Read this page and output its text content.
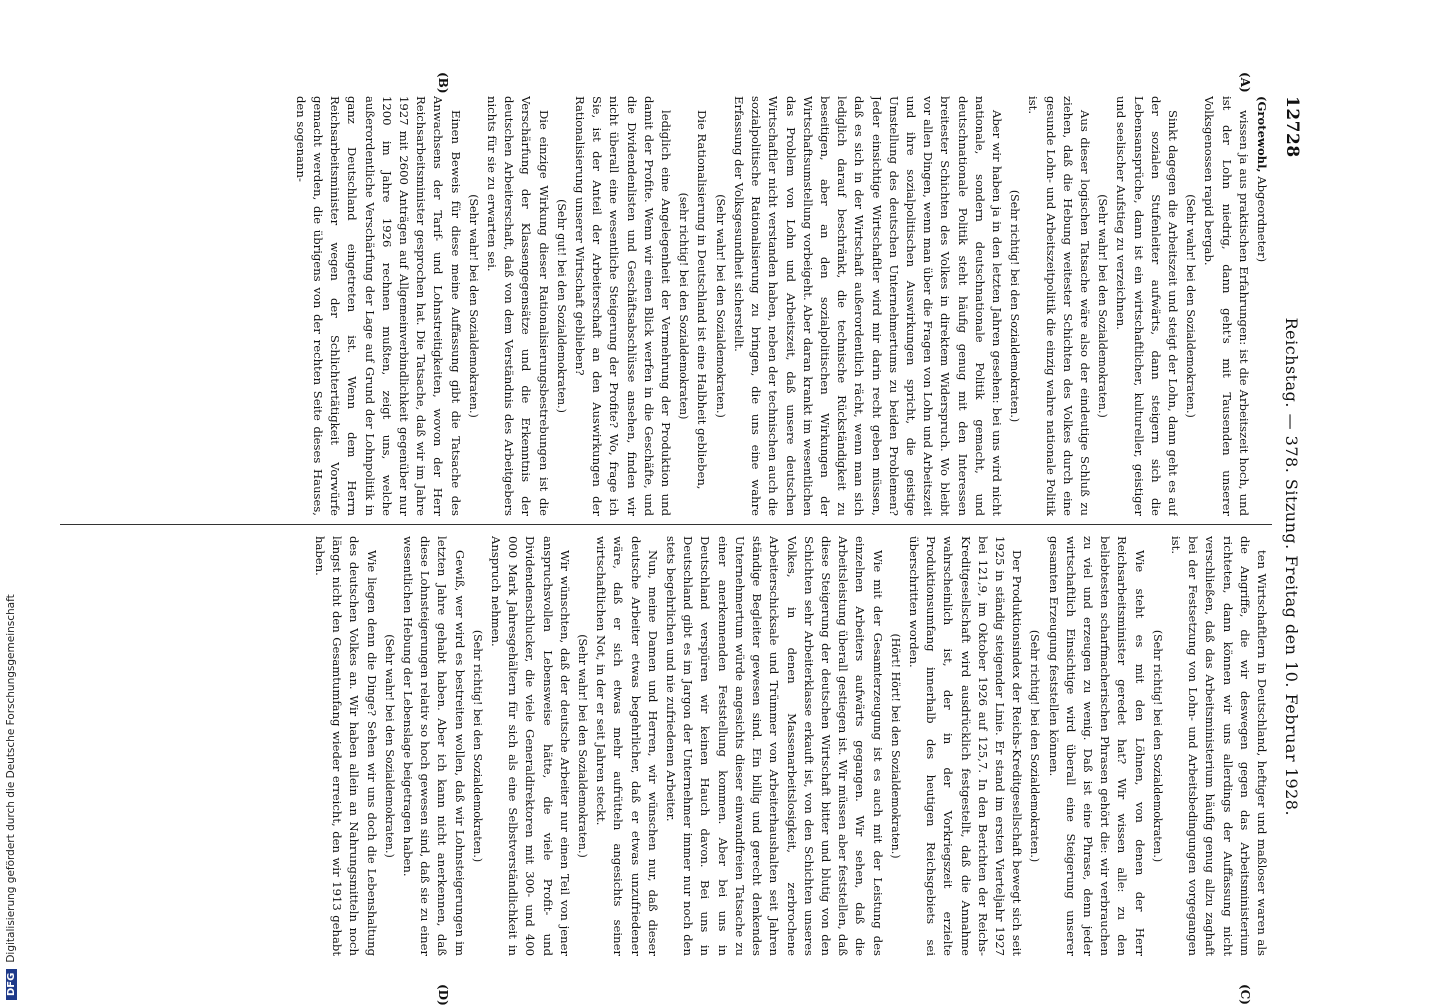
12728
Reichstag. — 378. Sitzung. Freitag den 10. Februar 1928.
(A)
(B)
(C)
(D)

(Grotewohl, Abgeordneter)

wissen ja aus praktischen Erfahrungen: ist die Arbeitszeit hoch, und ist der Lohn niedrig, dann geht's mit Tausenden unserer Volksgenossen rapid bergab.

(Sehr wahr! bei den Sozialdemokraten.)

Sinkt dagegen die Arbeitszeit und steigt der Lohn, dann geht es auf der sozialen Stufenleiter aufwärts, dann steigern sich die Lebensansprüche, dann ist ein wirtschaftlicher, kultureller, geistiger und seelischer Aufstieg zu verzeichnen.

(Sehr wahr! bei den Sozialdemokraten.)

Aus dieser logischen Tatsache wäre also der eindeutige Schluß zu ziehen, daß die Hebung weitester Schichten des Volkes durch eine gesunde Lohn- und Arbeitszeitpolitik die einzig wahre nationale Politik ist.

(Sehr richtig! bei den Sozialdemokraten.)

Aber wir haben ja in den letzten Jahren gesehen: bei uns wird nicht nationale, sondern deutschnationale Politik gemacht, und deutschnationale Politik steht häufig genug mit den Interessen breitester Schichten des Volkes in direktem Widerspruch. Wo bleibt vor allen Dingen, wenn man über die Fragen von Lohn und Arbeitszeit und ihre sozialpolitischen Auswirkungen spricht, die geistige Umstellung des deutschen Unternehmertums zu beiden Problemen? Jeder einsichtige Wirtschaftler wird mir darin recht geben müssen, daß es sich in der Wirtschaft außerordentlich rächt, wenn man sich lediglich darauf beschränkt, die technische Rückständigkeit zu beseitigen, aber an den sozialpolitischen Wirkungen der Wirtschaftsumstellung vorbeigeht. Aber daran krankt im wesentlichen das Problem von Lohn und Arbeitszeit, daß unsere deutschen Wirtschaftler nicht verstanden haben, neben der technischen auch die sozialpolitische Rationalisierung zu bringen, die uns eine wahre Erfassung der Volksgesundheit sicherstellt.

(Sehr wahr! bei den Sozialdemokraten.)

Die Rationalisierung in Deutschland ist eine Halbheit geblieben,

(sehr richtig! bei den Sozialdemokraten)

lediglich eine Angelegenheit der Vermehrung der Produktion und damit der Profite. Wenn wir einen Blick werfen in die Geschäfte, und die Dividendenlisten und Geschäftsabschlüsse ansehen, finden wir nicht überall eine wesentliche Steigerung der Profite? Wo, frage ich Sie, ist der Anteil der Arbeiterschaft an den Auswirkungen der Rationalisierung unserer Wirtschaft geblieben?

(Sehr gut! bei den Sozialdemokraten.)

Die einzige Wirkung dieser Rationalisierungsbestrebungen ist die Verschärfung der Klassengegensätze und die Erkenntnis der deutschen Arbeiterschaft, daß von dem Verständnis des Arbeitgebers nichts für sie zu erwarten sei.

(Sehr wahr! bei den Sozialdemokraten.)

Einen Beweis für diese meine Auffassung gibt die Tatsache des Anwachsens der Tarif- und Lohnstreitigkeiten, wovon der Herr Reichsarbeitsminister gesprochen hat. Die Tatsache, daß wir im Jahre 1927 mit 2600 Anträgen auf Allgemeinverbindlichkeit gegenüber nur 1200 im Jahre 1926 rechnen mußten, zeigt uns, welche außerordentliche Verschärfung der Lage auf Grund der Lohnpolitik in ganz Deutschland eingetreten ist. Wenn dem Herrn Reichsarbeitsminister wegen der Schlichtertätigkeit Vorwürfe gemacht werden, die übrigens von der rechten Seite dieses Hauses, den sogenann-

ten Wirtschaftlern in Deutschland, heftiger und maßloser waren als die Angriffe, die wir deswegen gegen das Arbeitsministerium richteten, dann können wir uns allerdings der Auffassung nicht verschließen, daß das Arbeitsministerium häufig genug allzu zaghaft bei der Festsetzung von Lohn- und Arbeitsbedingungen vorgegangen ist.

(Sehr richtig! bei den Sozialdemokraten.)

Wie steht es mit den Löhnen, von denen der Herr Reichsarbeitsminister geredet hat? Wir wissen alle: zu den beliebtesten scharfmacherischen Phrasen gehört die: wir verbrauchen zu viel und erzeugen zu wenig. Daß ist eine Phrase, denn jeder wirtschaftlich Einsichtige wird überall eine Steigerung unserer gesamten Erzeugung feststellen können.

(Sehr richtig! bei den Sozialdemokraten.)

Der Produktionsindex der Reichs-Kreditgesellschaft bewegt sich seit 1925 in ständig steigender Linie. Er stand im ersten Vierteljahr 1927 bei 121,9, im Oktober 1926 auf 125,7. In den Berichten der Reichs-Kreditgesellschaft wird ausdrücklich festgestellt, daß die Annahme wahrscheinlich ist, der in der Vorkriegszeit erzielte Produktionsumfang innerhalb des heutigen Reichsgebiets sei überschritten worden.

(Hört! Hört! bei den Sozialdemokraten.)

Wie mit der Gesamterzeugung ist es auch mit der Leistung des einzelnen Arbeiters aufwärts gegangen. Wir sehen, daß die Arbeitsleistung überall gestiegen ist. Wir müssen aber feststellen, daß diese Steigerung der deutschen Wirtschaft bitter und blutig von den Schichten sehr Arbeiterklasse erkauft ist, von den Schichten unseres Volkes, in denen Massenarbeitslosigkeit, zerbrochene Arbeiterschicksale und Trümmer von Arbeiterhaushalten seit Jahren ständige Begleiter gewesen sind. Ein billig und gerecht denkendes Unternehmertum würde angesichts dieser einwandfreien Tatsache zu einer anerkennenden Feststellung kommen. Aber bei uns in Deutschland verspüren wir keinen Hauch davon. Bei uns in Deutschland gibt es im Jargon der Unternehmer immer nur noch den stets begehrlichen und nie zufriedenen Arbeiter.

Nun, meine Damen und Herren, wir wünschen nur, daß dieser deutsche Arbeiter etwas begehrlicher, daß er etwas unzufriedener wäre, daß er sich etwas mehr aufrütteln angesichts seiner wirtschaftlichen Not, in der er seit Jahren steckt.

(Sehr wahr! bei den Sozialdemokraten.)

Wir wünschten, daß der deutsche Arbeiter nur einen Teil von jener anspruchsvollen Lebensweise hätte, die viele Profit- und Dividendenschlucker, die viele Generaldirektoren mit 300- und 400 000 Mark Jahresgehältern für sich als eine Selbstverständlichkeit in Anspruch nehmen.

(Sehr richtig! bei den Sozialdemokraten.)

Gewiß, wer wird es bestreiten wollen, daß wir Lohnsteigerungen im letzten Jahre gehabt haben. Aber ich kann nicht anerkennen, daß diese Lohnsteigerungen relativ so hoch gewesen sind, daß sie zu einer wesentlichen Hebung der Lebenslage beigetragen haben.

(Sehr wahr! bei den Sozialdemokraten.)

Wie liegen denn die Dinge? Sehen wir uns doch die Lebenshaltung des deutschen Volkes an. Wir haben allein an Nahrungsmitteln noch längst nicht den Gesamtumfang wieder erreicht, den wir 1913 gehabt haben.

DFG
Digitalisierung gefördert durch die Deutsche Forschungsgemeinschaft
